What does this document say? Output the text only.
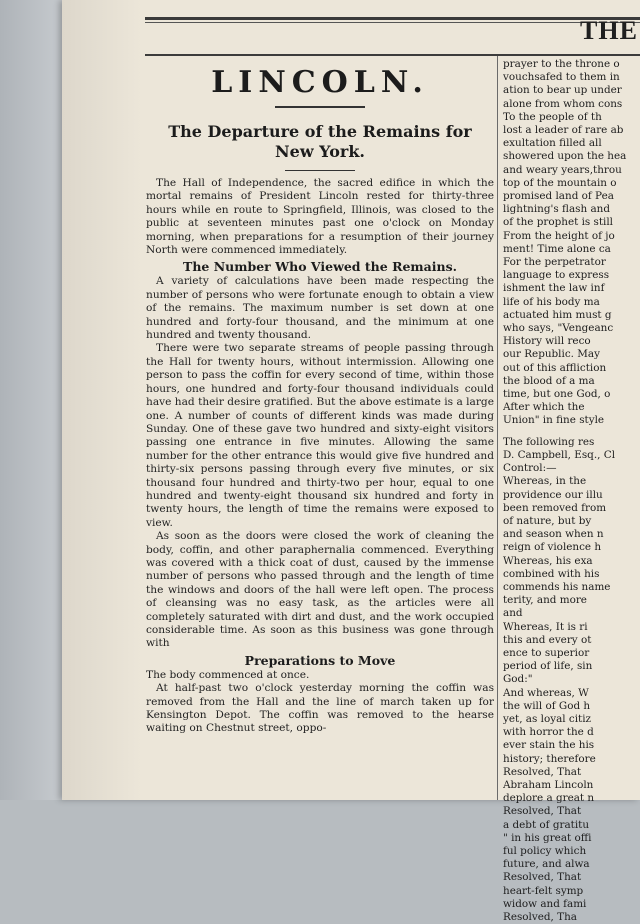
THE
LINCOLN.
The Departure of the Remains for
New York.

The Hall of Independence, the sacred edifice in which the mortal remains of President Lincoln rested for thirty-three hours while en route to Springfield, Illinois, was closed to the public at seventeen minutes past one o'clock on Monday morning, when preparations for a resumption of their journey North were commenced immediately.

The Number Who Viewed the Remains.

A variety of calculations have been made respecting the number of persons who were fortunate enough to obtain a view of the remains. The maximum number is set down at one hundred and forty-four thousand, and the minimum at one hundred and twenty thousand.

There were two separate streams of people passing through the Hall for twenty hours, without intermission. Allowing one person to pass the coffin for every second of time, within those hours, one hundred and forty-four thousand individuals could have had their desire gratified. But the above estimate is a large one. A number of counts of different kinds was made during Sunday. One of these gave two hundred and sixty-eight visitors passing one entrance in five minutes. Allowing the same number for the other entrance this would give five hundred and thirty-six persons passing through every five minutes, or six thousand four hundred and thirty-two per hour, equal to one hundred and twenty-eight thousand six hundred and forty in twenty hours, the length of time the remains were exposed to view.

As soon as the doors were closed the work of cleaning the body, coffin, and other paraphernalia commenced. Everything was covered with a thick coat of dust, caused by the immense number of persons who passed through and the length of time the windows and doors of the hall were left open. The process of cleansing was no easy task, as the articles were all completely saturated with dirt and dust, and the work occupied considerable time. As soon as this business was gone through with

Preparations to Move

The body commenced at once.

At half-past two o'clock yesterday morning the coffin was removed from the Hall and the line of march taken up for Kensington Depot. The coffin was removed to the hearse waiting on Chestnut street, oppo-

prayer to the throne o
vouchsafed to them in
ation to bear up under
alone from whom cons
To the people of th
lost a leader of rare ab
exultation filled all
showered upon the hea
and weary years,throu
top of the mountain o
promised land of Pea
lightning's flash and
of the prophet is still
From the height of jo
ment! Time alone ca
For the perpetrator
language to express
ishment the law inf
life of his body ma
actuated him must g
who says, "Vengeanc
History will reco
our Republic. May
out of this affliction
the blood of a ma
time, but one God, o
After which the
Union" in fine style
The following res
D. Campbell, Esq., Cl
Control:—
Whereas, in the
providence our illu
been removed from
of nature, but by
and season when n
reign of violence h
Whereas, his exa
combined with his
commends his name
terity, and more
and
Whereas, It is ri
this and every ot
ence to superior
period of life, sin
God:"
And whereas, W
the will of God h
yet, as loyal citiz
with horror the d
ever stain the his
history; therefore
Resolved, That
Abraham Lincoln
deplore a great n
Resolved, That
a debt of gratitu
" in his great offi
ful policy which
future, and alwa
Resolved, That
heart-felt symp
widow and fami
Resolved, Tha
